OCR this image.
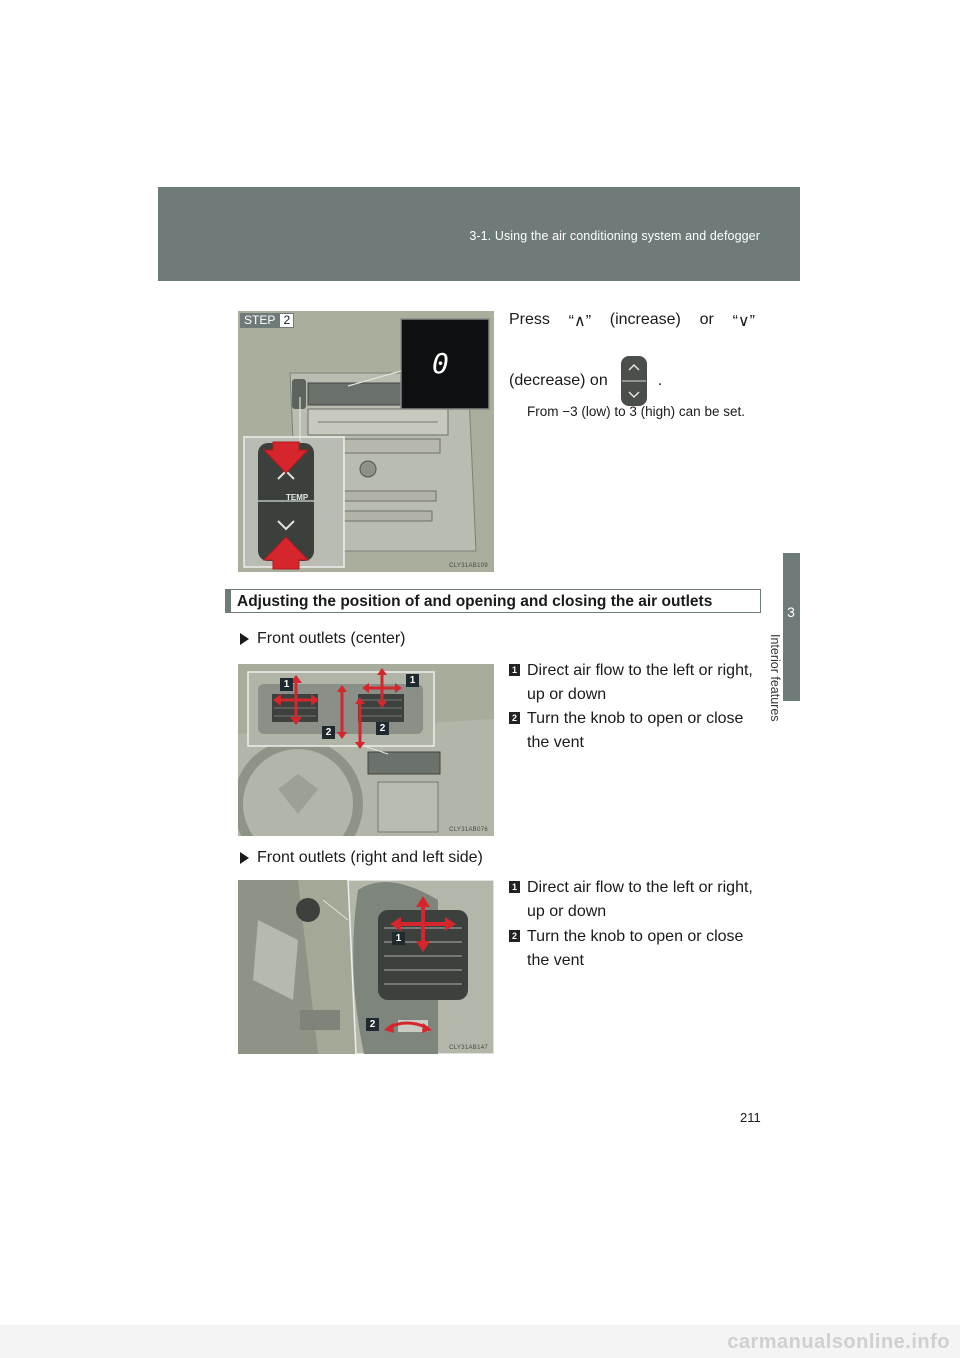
3-1. Using the air conditioning system and defogger
3
Interior features
0
TEMP
CLY31AB109
STEP 2	Press “∧” (increase) or “∨”
(decrease) on	.
From −3 (low) to 3 (high) can be set.
Adjusting the position of and opening and closing the air outlets
Front outlets (center)
1	1
2	2
CLY31AB076
1 Direct air flow to the left or right, up or down
2 Turn the knob to open or close the vent
Front outlets (right and left side)
1
2
CLY31AB147
1 Direct air flow to the left or right, up or down
2 Turn the knob to open or close the vent
211
carmanualsonline.info
